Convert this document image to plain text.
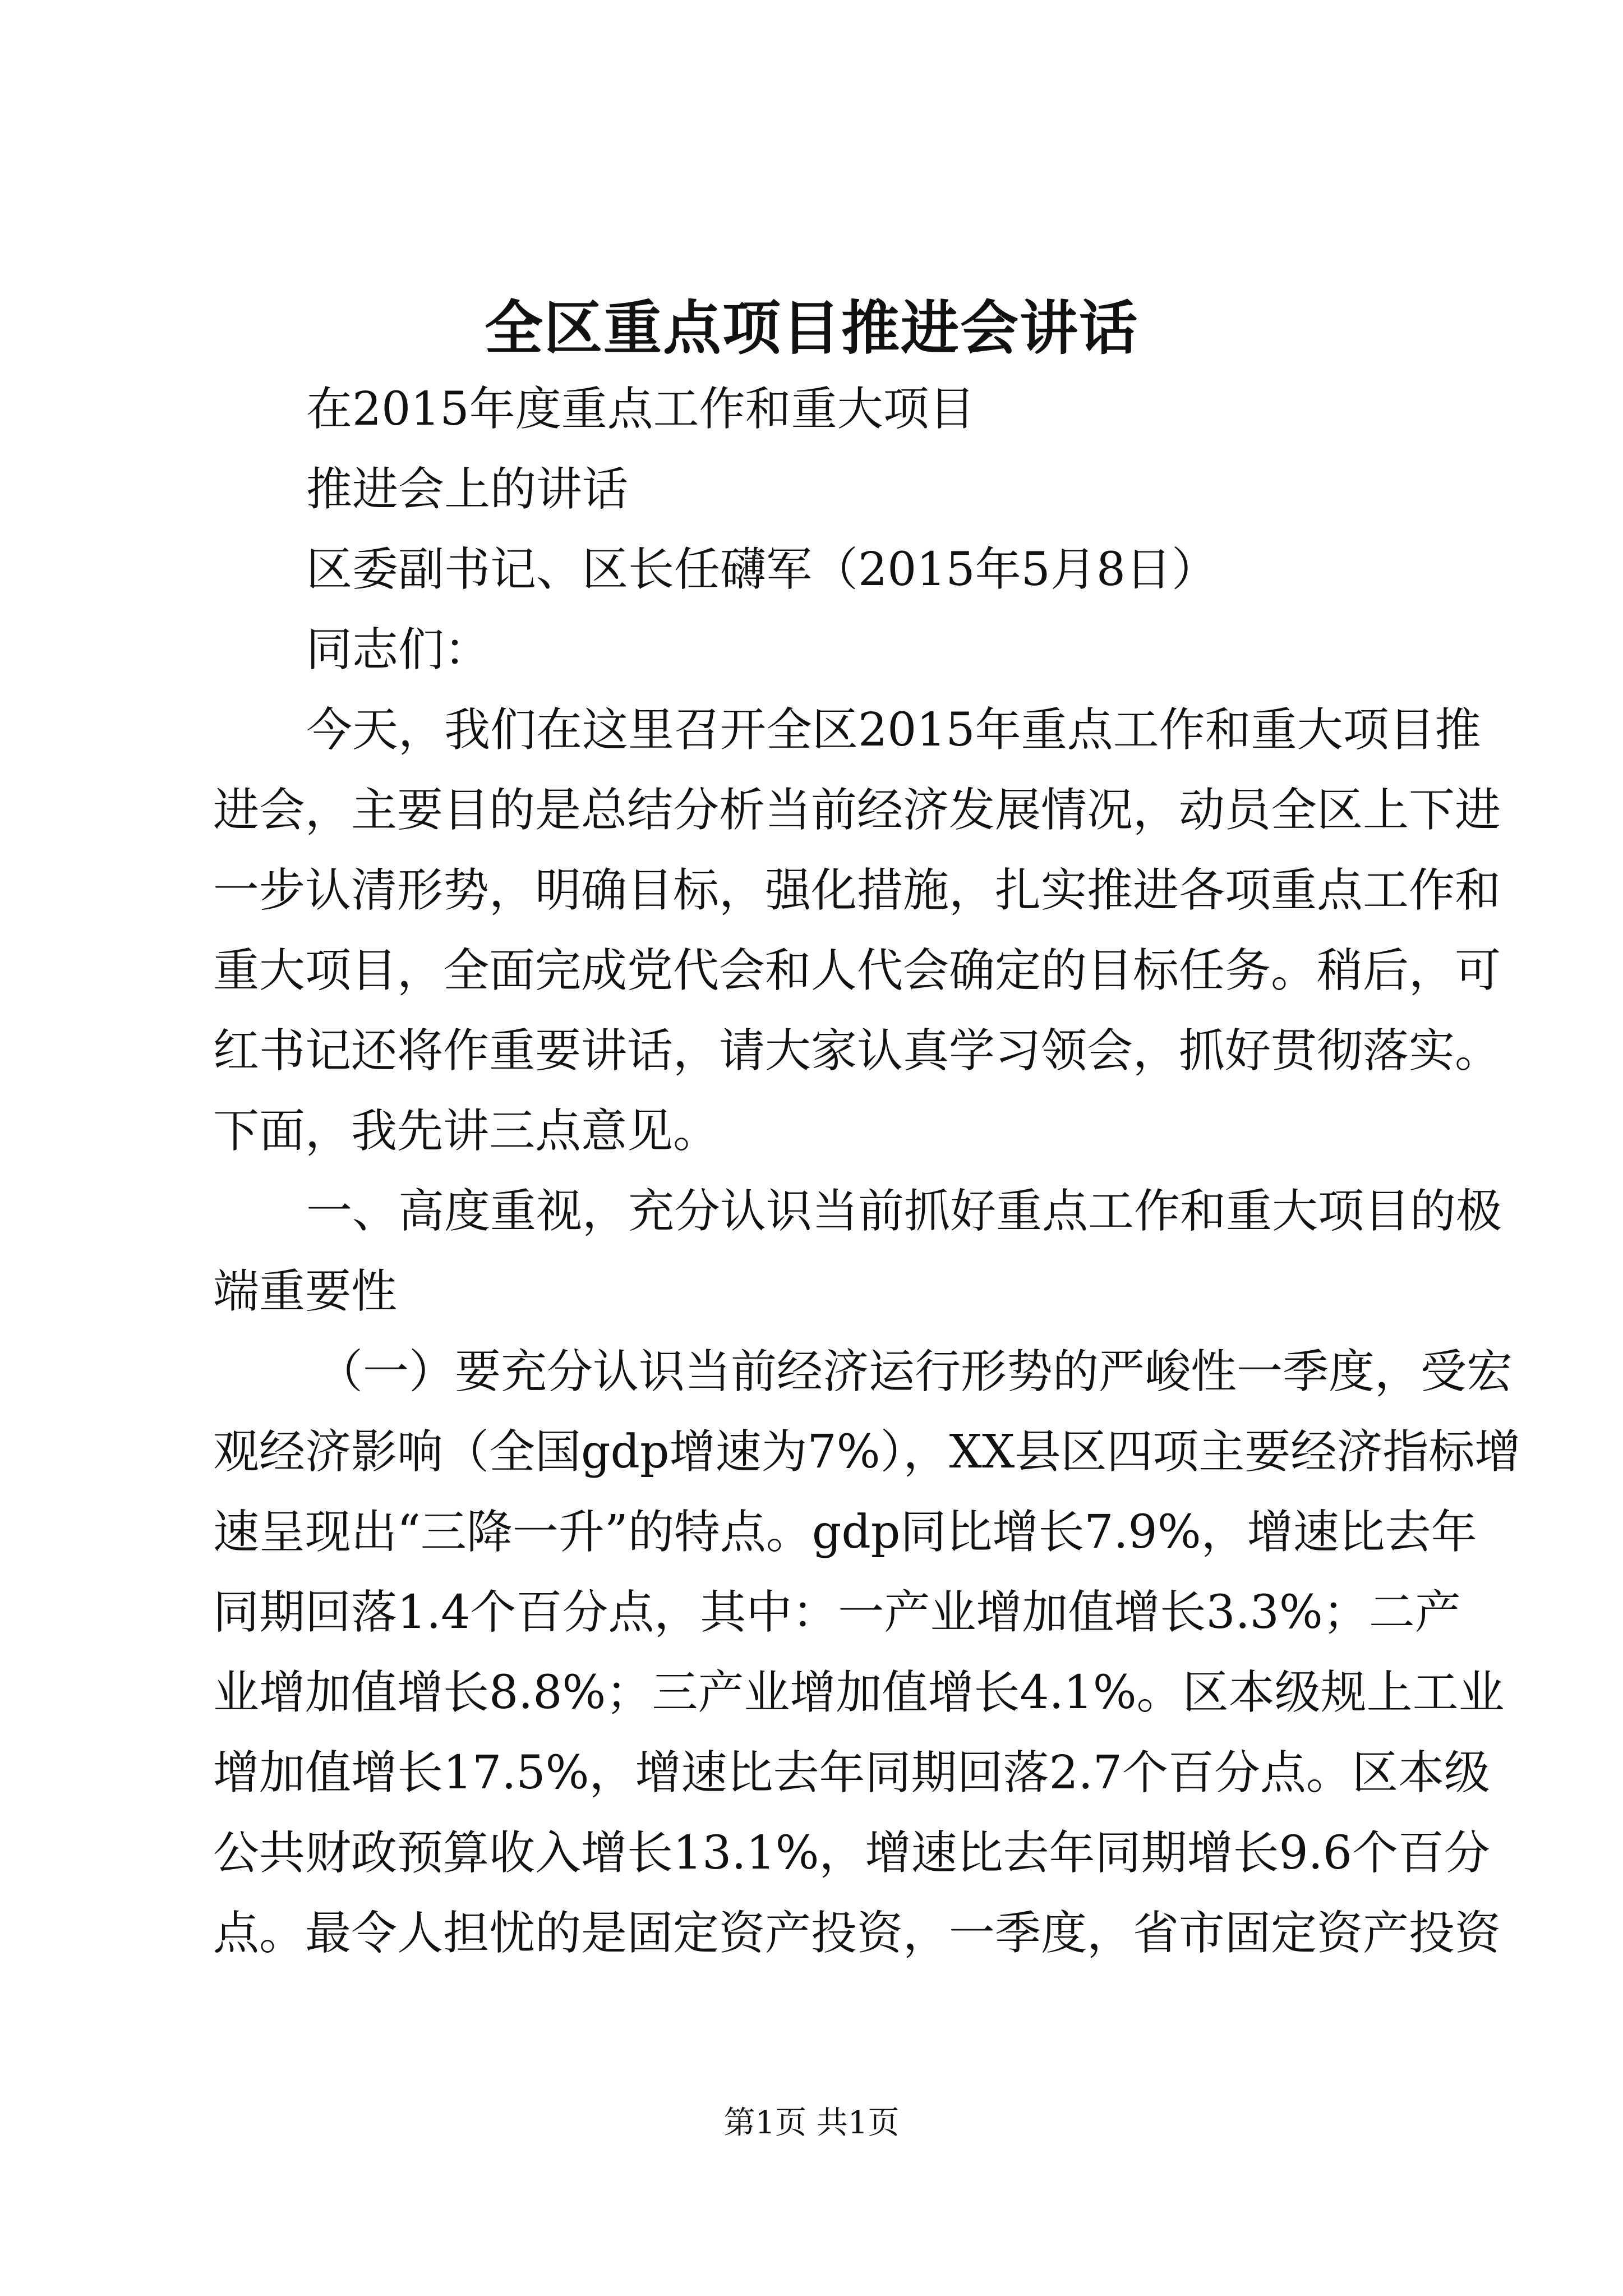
全区重点项目推进会讲话

在2015年度重点工作和重大项目

推进会上的讲话

区委副书记、区长任礴军（2015年5月8日）

同志们：

今天，我们在这里召开全区2015年重点工作和重大项目推

进会，主要目的是总结分析当前经济发展情况，动员全区上下进

一步认清形势，明确目标，强化措施，扎实推进各项重点工作和

重大项目，全面完成党代会和人代会确定的目标任务。稍后，可

红书记还将作重要讲话，请大家认真学习领会，抓好贯彻落实。

下面，我先讲三点意见。

一、高度重视，充分认识当前抓好重点工作和重大项目的极

端重要性

（一）要充分认识当前经济运行形势的严峻性一季度，受宏

观经济影响（全国gdp增速为7%），XX县区四项主要经济指标增

速呈现出“三降一升”的特点。gdp同比增长7.9%，增速比去年

同期回落1.4个百分点，其中：一产业增加值增长3.3%；二产

业增加值增长8.8%；三产业增加值增长4.1%。区本级规上工业

增加值增长17.5%，增速比去年同期回落2.7个百分点。区本级

公共财政预算收入增长13.1%，增速比去年同期增长9.6个百分

点。最令人担忧的是固定资产投资，一季度，省市固定资产投资

第1页 共1页
